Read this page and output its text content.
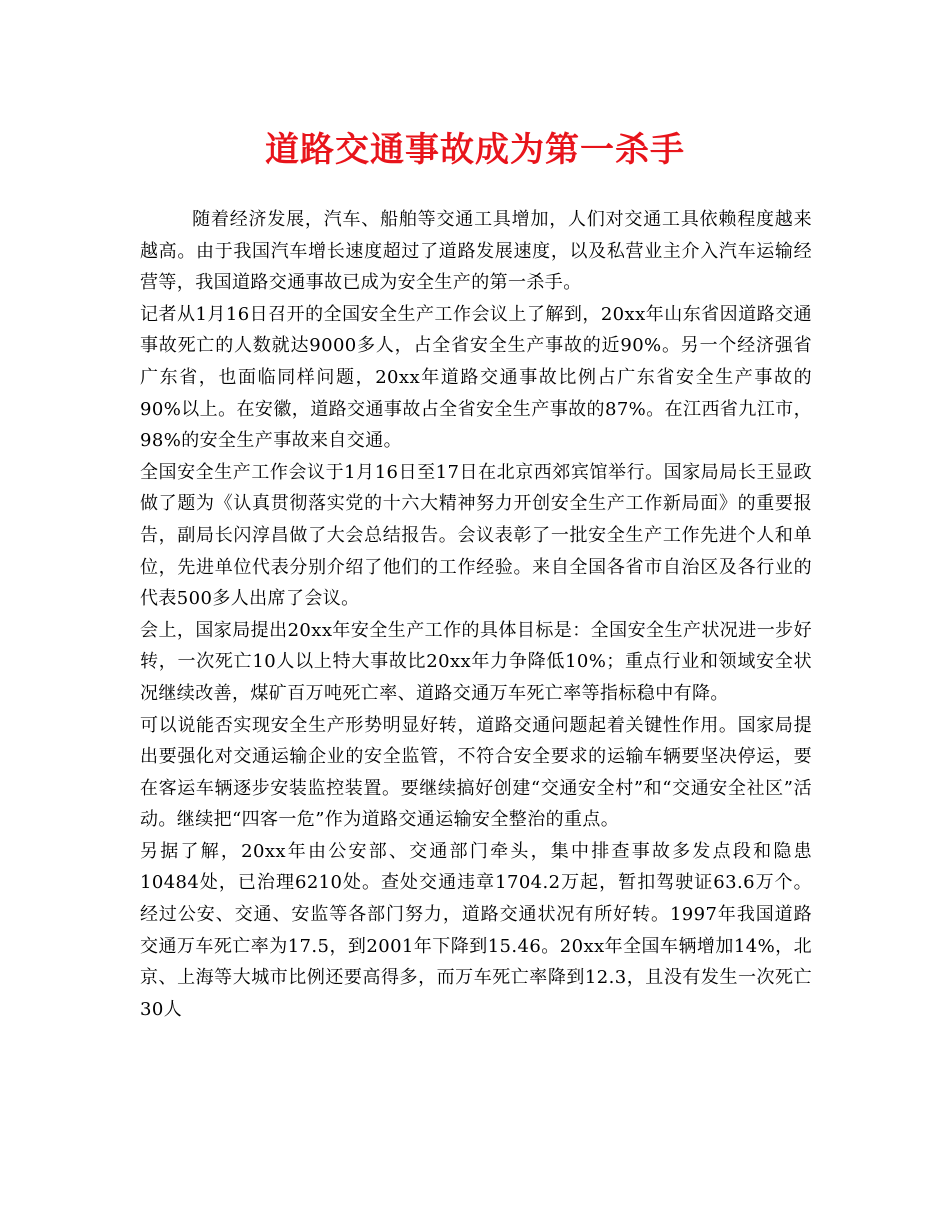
道路交通事故成为第一杀手

随着经济发展，汽车、船舶等交通工具增加，人们对交通工具依赖程度越来越高。由于我国汽车增长速度超过了道路发展速度，以及私营业主介入汽车运输经营等，我国道路交通事故已成为安全生产的第一杀手。

记者从1月16日召开的全国安全生产工作会议上了解到，20xx年山东省因道路交通事故死亡的人数就达9000多人，占全省安全生产事故的近90%。另一个经济强省广东省，也面临同样问题，20xx年道路交通事故比例占广东省安全生产事故的90%以上。在安徽，道路交通事故占全省安全生产事故的87%。在江西省九江市，98%的安全生产事故来自交通。

全国安全生产工作会议于1月16日至17日在北京西郊宾馆举行。国家局局长王显政做了题为《认真贯彻落实党的十六大精神努力开创安全生产工作新局面》的重要报告，副局长闪淳昌做了大会总结报告。会议表彰了一批安全生产工作先进个人和单位，先进单位代表分别介绍了他们的工作经验。来自全国各省市自治区及各行业的代表500多人出席了会议。

会上，国家局提出20xx年安全生产工作的具体目标是：全国安全生产状况进一步好转，一次死亡10人以上特大事故比20xx年力争降低10%；重点行业和领域安全状况继续改善，煤矿百万吨死亡率、道路交通万车死亡率等指标稳中有降。

可以说能否实现安全生产形势明显好转，道路交通问题起着关键性作用。国家局提出要强化对交通运输企业的安全监管，不符合安全要求的运输车辆要坚决停运，要在客运车辆逐步安装监控装置。要继续搞好创建“交通安全村”和“交通安全社区”活动。继续把“四客一危”作为道路交通运输安全整治的重点。

另据了解，20xx年由公安部、交通部门牵头，集中排查事故多发点段和隐患10484处，已治理6210处。查处交通违章1704.2万起，暂扣驾驶证63.6万个。经过公安、交通、安监等各部门努力，道路交通状况有所好转。1997年我国道路交通万车死亡率为17.5，到2001年下降到15.46。20xx年全国车辆增加14%，北京、上海等大城市比例还要高得多，而万车死亡率降到12.3，且没有发生一次死亡30人
